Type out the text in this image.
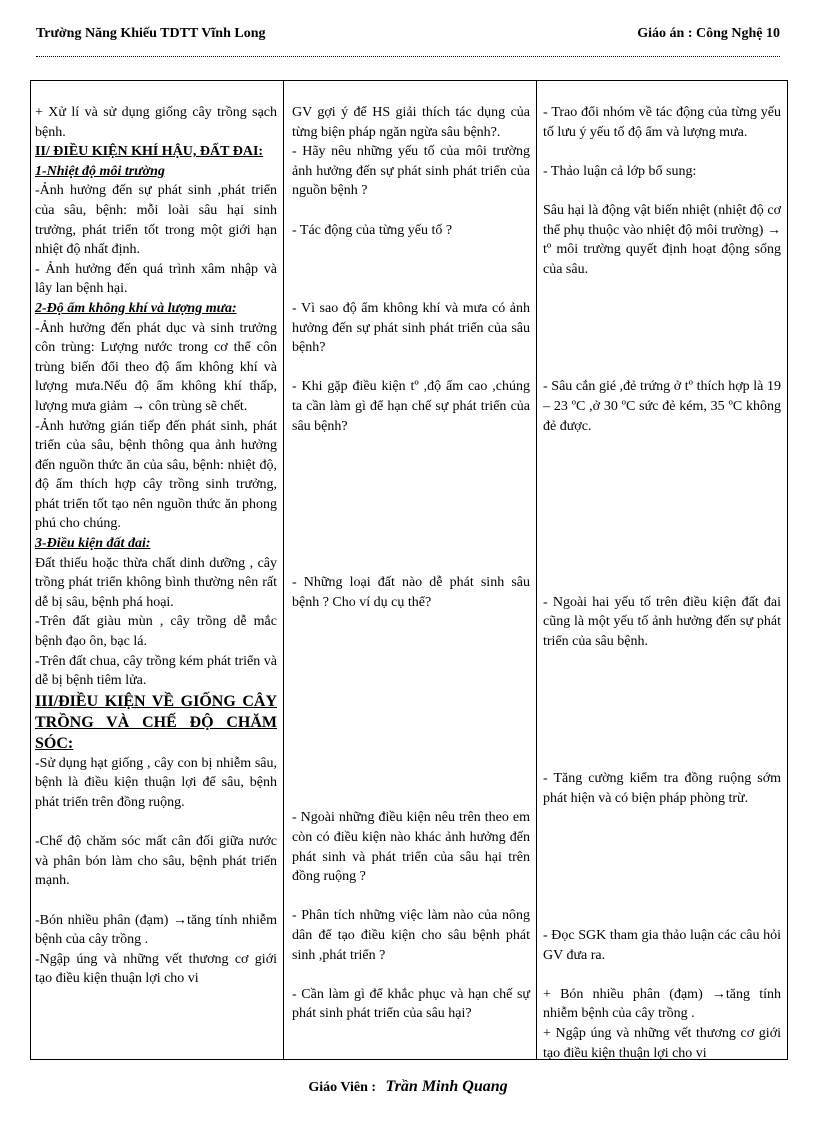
Trường Năng Khiếu TDTT Vĩnh Long	Giáo án : Công Nghệ 10

+ Xử lí và sử dụng giống cây trồng sạch bệnh.

II/ ĐIỀU KIỆN KHÍ HẬU, ĐẤT ĐAI:

1-Nhiệt độ môi trường

-Ảnh hưởng đến sự phát sinh ,phát triển của sâu, bệnh: mỗi loài sâu hại sinh trưởng, phát triển tốt trong một giới hạn nhiệt độ nhất định.

- Ảnh hưởng đến quá trình xâm nhập và lây lan bệnh hại.

2-Độ ẩm không khí và lượng mưa:

-Ảnh hưởng đến phát dục và sinh trưởng côn trùng: Lượng nước trong cơ thể côn trùng biến đổi theo độ ẩm không khí và lượng mưa.Nếu độ ẩm không khí thấp, lượng mưa giảm → côn trùng sẽ chết.

-Ảnh hưởng gián tiếp đến phát sinh, phát triển của sâu, bệnh thông qua ảnh hưởng đến nguồn thức ăn của sâu, bệnh: nhiệt độ, độ ẩm thích hợp cây trồng sinh trưởng, phát triển tốt tạo nên nguồn thức ăn phong phú cho chúng.

3-Điều kiện đất đai:

Đất thiếu hoặc thừa chất dinh dưỡng , cây trồng phát triển không bình thường nên rất dễ bị sâu, bệnh phá hoại.

-Trên đất giàu mùn , cây trồng dễ mắc bệnh đạo ôn, bạc lá.

-Trên đất chua, cây trồng kém phát triển và dễ bị bệnh tiêm lửa.

III/ĐIỀU KIỆN VỀ GIỐNG CÂY TRỒNG VÀ CHẾ ĐỘ CHĂM SÓC:

-Sử dụng hạt giống , cây con bị nhiễm sâu, bệnh là điều kiện thuận lợi để sâu, bệnh phát triển trên đồng ruộng.

-Chế độ chăm sóc mất cân đối giữa nước và phân bón làm cho sâu, bệnh phát triển mạnh.

-Bón nhiều phân (đạm) →tăng tính nhiễm bệnh của cây trồng .

-Ngập úng và những vết thương cơ giới tạo điều kiện thuận lợi cho vi

GV gợi ý để HS giải thích tác dụng của từng biện pháp ngăn ngừa sâu bệnh?.

- Hãy nêu những yếu tố của môi trường ảnh hưởng đến sự phát sinh phát triển của nguồn bệnh ?

- Tác động của từng yếu tố ?

- Vì sao độ ẩm không khí và mưa có ảnh hưởng đến sự phát sinh phát triển của sâu bệnh?

- Khi gặp điều kiện tº ,độ ẩm cao ,chúng ta cần làm gì để hạn chế sự phát triển của sâu bệnh?

- Những loại đất nào dễ phát sinh sâu bệnh ? Cho ví dụ cụ thể?

- Ngoài những điều kiện nêu trên theo em còn có điều kiện nào khác ảnh hưởng đến phát sinh và phát triển của sâu hại trên đồng ruộng ?

- Phân tích những việc làm nào của nông dân để tạo điều kiện cho sâu bệnh phát sinh ,phát triển ?

- Cần làm gì để khắc phục và hạn chế sự phát sinh phát triển của sâu hại?

- Trao đổi nhóm về tác động của từng yếu tố lưu ý yếu tố độ ẩm và lượng mưa.

- Thảo luận cả lớp bổ sung:

Sâu hại là động vật biến nhiệt (nhiệt độ cơ thể phụ thuộc vào nhiệt độ môi trường) → tº môi trường quyết định hoạt động sống của sâu.

- Sâu cắn gié ,đẻ trứng ở tº thích hợp là 19 – 23 ºC ,ở 30 ºC sức đẻ kém, 35 ºC không đẻ được.

- Ngoài hai yếu tố trên điều kiện đất đai cũng là một yếu tố ảnh hưởng đến sự phát triển của sâu bệnh.

- Tăng cường kiểm tra đồng ruộng sớm phát hiện và có biện pháp phòng trừ.

- Đọc SGK tham gia thảo luận các câu hỏi GV đưa ra.

+ Bón nhiều phân (đạm) →tăng tính nhiễm bệnh của cây trồng .

+ Ngập úng và những vết thương cơ giới tạo điều kiện thuận lợi cho vi

Giáo Viên : Trần Minh Quang
